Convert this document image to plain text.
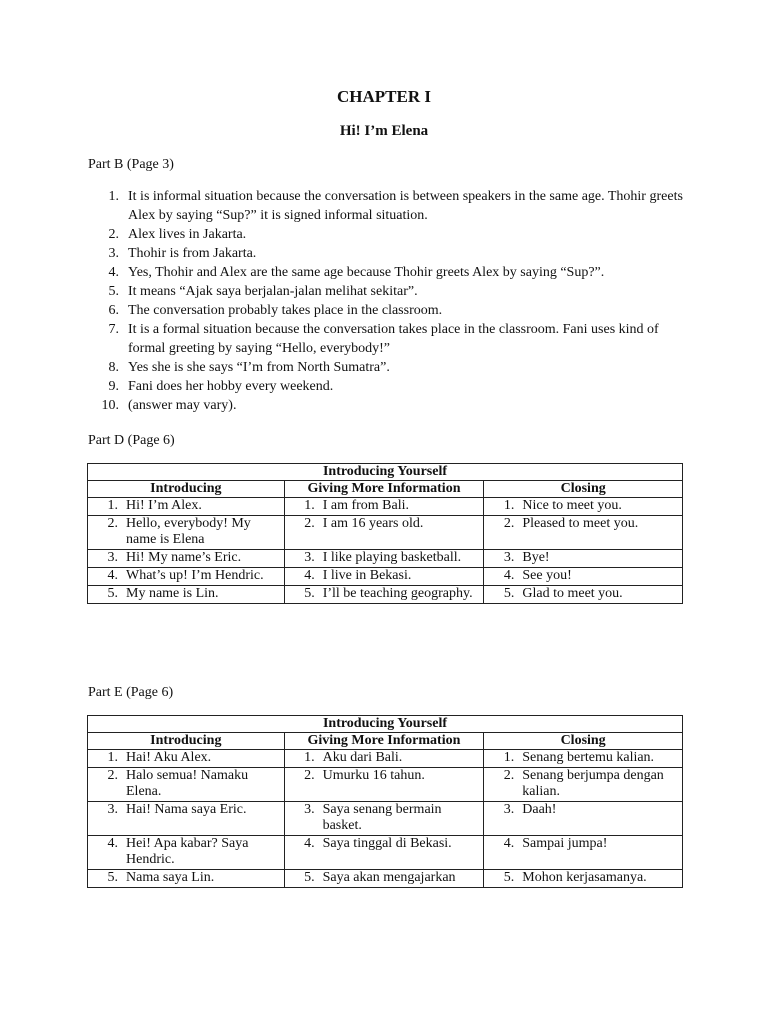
CHAPTER I
Hi! I’m Elena
Part B (Page 3)
1. It is informal situation because the conversation is between speakers in the same age. Thohir greets Alex by saying “Sup?” it is signed informal situation.
2. Alex lives in Jakarta.
3. Thohir is from Jakarta.
4. Yes, Thohir and Alex are the same age because Thohir greets Alex by saying “Sup?”.
5. It means “Ajak saya berjalan-jalan melihat sekitar”.
6. The conversation probably takes place in the classroom.
7. It is a formal situation because the conversation takes place in the classroom. Fani uses kind of formal greeting by saying “Hello, everybody!”
8. Yes she is she says “I’m from North Sumatra”.
9. Fani does her hobby every weekend.
10. (answer may vary).
Part D (Page 6)
Introducing Yourself		
Introducing	Giving More Information	Closing

1. Hi! I’m Alex.	1. I am from Bali.	1. Nice to meet you.

2. Hello, everybody! My name is Elena	2. I am 16 years old.	2. Pleased to meet you.

3. Hi! My name’s Eric.	3. I like playing basketball.	3. Bye!

4. What’s up! I’m Hendric.	4. I live in Bekasi.	4. See you!

5. My name is Lin.	5. I’ll be teaching geography.	5. Glad to meet you.
Part E (Page 6)
Introducing Yourself		
Introducing	Giving More Information	Closing

1. Hai! Aku Alex.	1. Aku dari Bali.	1. Senang bertemu kalian.

2. Halo semua! Namaku Elena.	2. Umurku 16 tahun.	2. Senang berjumpa dengan kalian.

3. Hai! Nama saya Eric.	3. Saya senang bermain basket.	3. Daah!

4. Hei! Apa kabar? Saya Hendric.	4. Saya tinggal di Bekasi.	4. Sampai jumpa!

5. Nama saya Lin.	5. Saya akan mengajarkan	5. Mohon kerjasamanya.
